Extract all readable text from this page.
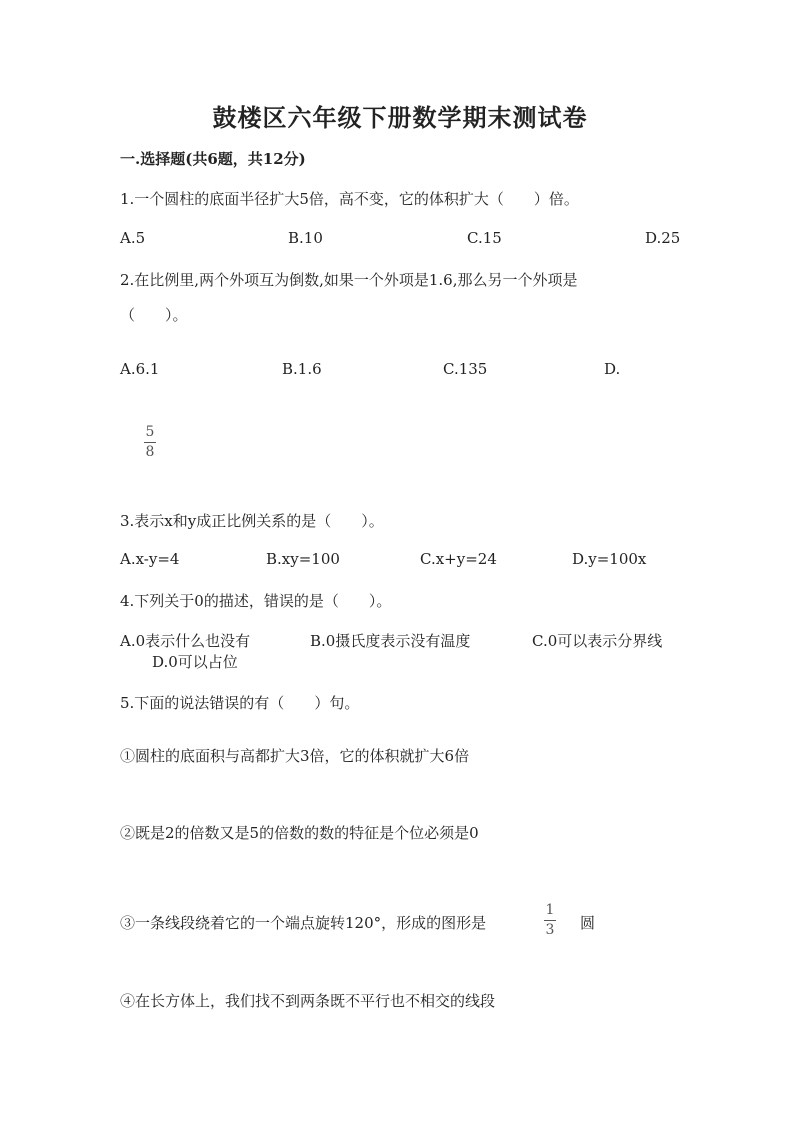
鼓楼区六年级下册数学期末测试卷
一.选择题(共6题，共12分)
1.一个圆柱的底面半径扩大5倍，高不变，它的体积扩大（　　）倍。
A.5	B.10	C.15	D.25
2.在比例里,两个外项互为倒数,如果一个外项是1.6,那么另一个外项是
（　　）。
A.6.1	B.1.6	C.135	D.
5
8
3.表示x和y成正比例关系的是（　　）。
A.x-y=4	B.xy=100	C.x+y=24	D.y=100x
4.下列关于0的描述，错误的是（　　）。
A.0表示什么也没有	B.0摄氏度表示没有温度	C.0可以表示分界线
D.0可以占位
5.下面的说法错误的有（　　）句。
①圆柱的底面积与高都扩大3倍，它的体积就扩大6倍
②既是2的倍数又是5的倍数的数的特征是个位必须是0
③一条线段绕着它的一个端点旋转120°，形成的图形是
1
3 圆
④在长方体上，我们找不到两条既不平行也不相交的线段
